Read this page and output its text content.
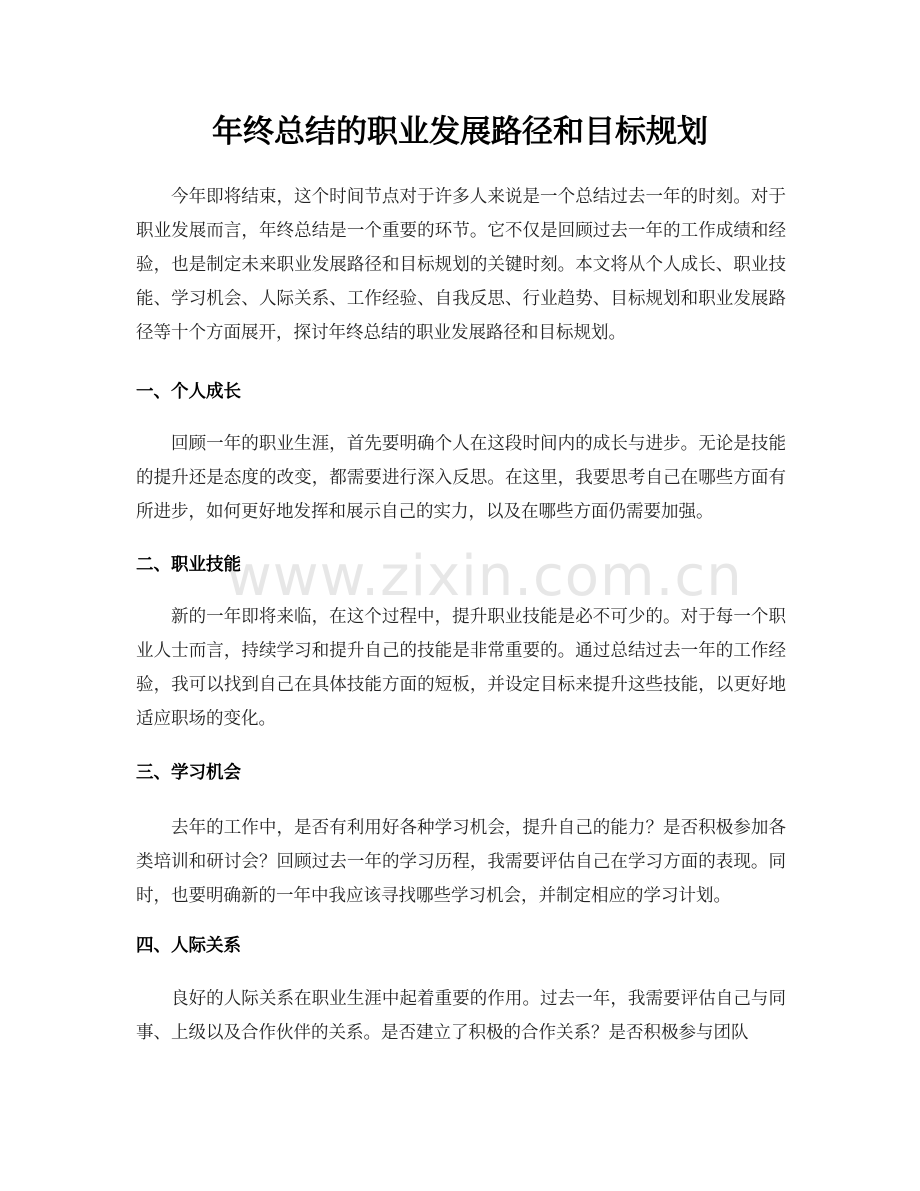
年终总结的职业发展路径和目标规划

今年即将结束，这个时间节点对于许多人来说是一个总结过去一年的时刻。对于职业发展而言，年终总结是一个重要的环节。它不仅是回顾过去一年的工作成绩和经验，也是制定未来职业发展路径和目标规划的关键时刻。本文将从个人成长、职业技能、学习机会、人际关系、工作经验、自我反思、行业趋势、目标规划和职业发展路径等十个方面展开，探讨年终总结的职业发展路径和目标规划。

一、个人成长

回顾一年的职业生涯，首先要明确个人在这段时间内的成长与进步。无论是技能的提升还是态度的改变，都需要进行深入反思。在这里，我要思考自己在哪些方面有所进步，如何更好地发挥和展示自己的实力，以及在哪些方面仍需要加强。

二、职业技能

新的一年即将来临，在这个过程中，提升职业技能是必不可少的。对于每一个职业人士而言，持续学习和提升自己的技能是非常重要的。通过总结过去一年的工作经验，我可以找到自己在具体技能方面的短板，并设定目标来提升这些技能，以更好地适应职场的变化。

三、学习机会

去年的工作中，是否有利用好各种学习机会，提升自己的能力？是否积极参加各类培训和研讨会？回顾过去一年的学习历程，我需要评估自己在学习方面的表现。同时，也要明确新的一年中我应该寻找哪些学习机会，并制定相应的学习计划。

四、人际关系

良好的人际关系在职业生涯中起着重要的作用。过去一年，我需要评估自己与同事、上级以及合作伙伴的关系。是否建立了积极的合作关系？是否积极参与团队

www.zixin.com.cn
